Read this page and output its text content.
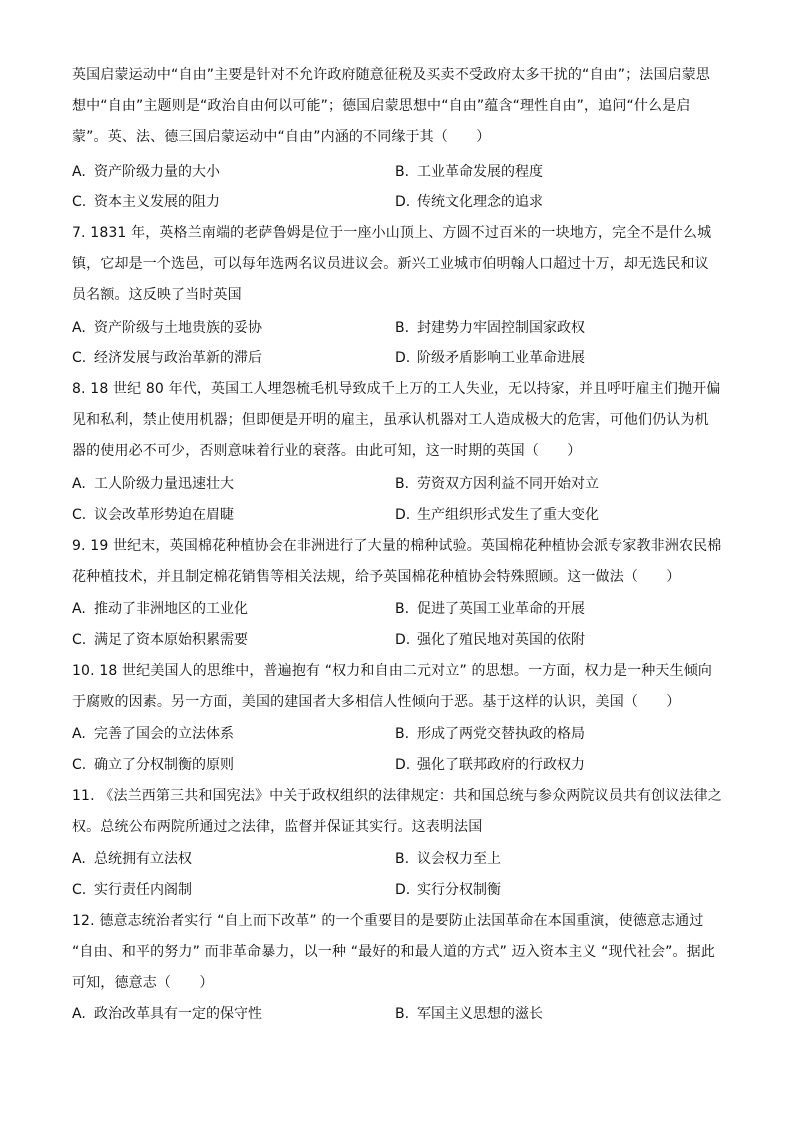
英国启蒙运动中“自由”主要是针对不允许政府随意征税及买卖不受政府太多干扰的“自由”；法国启蒙思想中“自由”主题则是“政治自由何以可能”；德国启蒙思想中“自由”蕴含“理性自由”，追问“什么是启蒙”。英、法、德三国启蒙运动中“自由”内涵的不同缘于其（　　）
A. 资产阶级力量的大小	B. 工业革命发展的程度
C. 资本主义发展的阻力	D. 传统文化理念的追求
7. 1831 年，英格兰南端的老萨鲁姆是位于一座小山顶上、方圆不过百米的一块地方，完全不是什么城镇，它却是一个选邑，可以每年选两名议员进议会。新兴工业城市伯明翰人口超过十万，却无选民和议员名额。这反映了当时英国
A. 资产阶级与土地贵族的妥协	B. 封建势力牢固控制国家政权
C. 经济发展与政治革新的滞后	D. 阶级矛盾影响工业革命进展
8. 18 世纪 80 年代，英国工人埋怨梳毛机导致成千上万的工人失业，无以持家，并且呼吁雇主们抛开偏见和私利，禁止使用机器；但即便是开明的雇主，虽承认机器对工人造成极大的危害，可他们仍认为机器的使用必不可少，否则意味着行业的衰落。由此可知，这一时期的英国（　　）
A. 工人阶级力量迅速壮大	B. 劳资双方因利益不同开始对立
C. 议会改革形势迫在眉睫	D. 生产组织形式发生了重大变化
9. 19 世纪末，英国棉花种植协会在非洲进行了大量的棉种试验。英国棉花种植协会派专家教非洲农民棉花种植技术，并且制定棉花销售等相关法规，给予英国棉花种植协会特殊照顾。这一做法（　　）
A. 推动了非洲地区的工业化	B. 促进了英国工业革命的开展
C. 满足了资本原始积累需要	D. 强化了殖民地对英国的依附
10. 18 世纪美国人的思维中，普遍抱有 “权力和自由二元对立” 的思想。一方面，权力是一种天生倾向于腐败的因素。另一方面，美国的建国者大多相信人性倾向于恶。基于这样的认识，美国（　　）
A. 完善了国会的立法体系	B. 形成了两党交替执政的格局
C. 确立了分权制衡的原则	D. 强化了联邦政府的行政权力
11. 《法兰西第三共和国宪法》中关于政权组织的法律规定：共和国总统与参众两院议员共有创议法律之权。总统公布两院所通过之法律，监督并保证其实行。这表明法国
A. 总统拥有立法权	B. 议会权力至上
C. 实行责任内阁制	D. 实行分权制衡
12. 德意志统治者实行 “自上而下改革” 的一个重要目的是要防止法国革命在本国重演，使德意志通过 “自由、和平的努力” 而非革命暴力，以一种 “最好的和最人道的方式” 迈入资本主义 “现代社会”。据此可知，德意志（　　）
A. 政治改革具有一定的保守性	B. 军国主义思想的滋长
